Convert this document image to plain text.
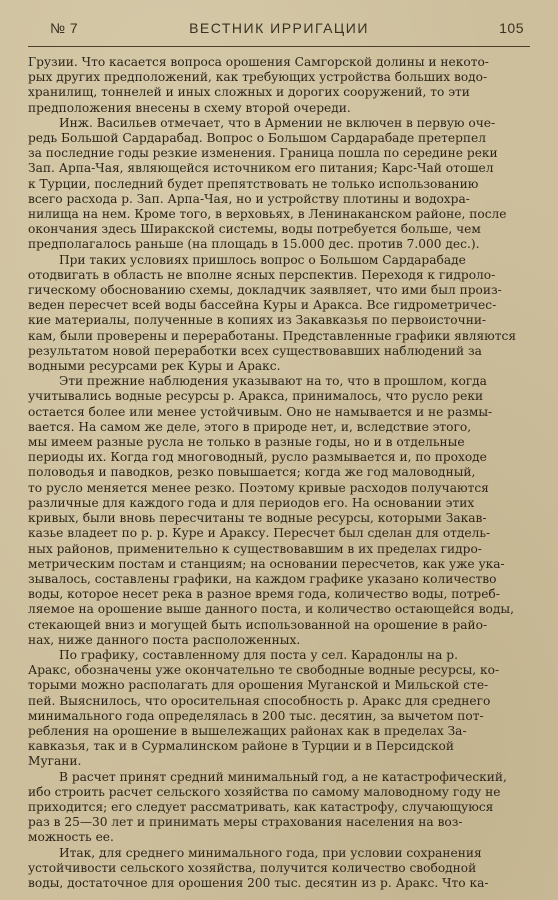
№ 7	ВЕСТНИК ИРРИГАЦИИ	105
Грузии. Что касается вопроса орошения Самгорской долины и некото-
рых других предположений, как требующих устройства больших водо-
хранилищ, тоннелей и иных сложных и дорогих сооружений, то эти
предположения внесены в схему второй очереди.
Инж. Васильев отмечает, что в Армении не включен в первую оче-
редь Большой Сардарабад. Вопрос о Большом Сардарабаде претерпел
за последние годы резкие изменения. Граница пошла по середине реки
Зап. Арпа-Чая, являющейся источником его питания; Карс-Чай отошел
к Турции, последний будет препятствовать не только использованию
всего расхода р. Зап. Арпа-Чая, но и устройству плотины и водохра-
нилища на нем. Кроме того, в верховьях, в Ленинаканском районе, после
окончания здесь Ширакской системы, воды потребуется больше, чем
предполагалось раньше (на площадь в 15.000 дес. против 7.000 дес.).
При таких условиях пришлось вопрос о Большом Сардарабаде
отодвигать в область не вполне ясных перспектив. Переходя к гидроло-
гическому обоснованию схемы, докладчик заявляет, что ими был произ-
веден пересчет всей воды бассейна Куры и Аракса. Все гидрометричес-
кие материалы, полученные в копиях из Закавказья по первоисточни-
кам, были проверены и переработаны. Представленные графики являются
результатом новой переработки всех существовавших наблюдений за
водными ресурсами рек Куры и Аракс.
Эти прежние наблюдения указывают на то, что в прошлом, когда
учитывались водные ресурсы р. Аракса, принималось, что русло реки
остается более или менее устойчивым. Оно не намывается и не размы-
вается. На самом же деле, этого в природе нет, и, вследствие этого,
мы имеем разные русла не только в разные годы, но и в отдельные
периоды их. Когда год многоводный, русло размывается и, по проходе
половодья и паводков, резко повышается; когда же год маловодный,
то русло меняется менее резко. Поэтому кривые расходов получаются
различные для каждого года и для периодов его. На основании этих
кривых, были вновь пересчитаны те водные ресурсы, которыми Закав-
казье владеет по р. р. Куре и Араксу. Пересчет был сделан для отдель-
ных районов, применительно к существовавшим в их пределах гидро-
метрическим постам и станциям; на основании пересчетов, как уже ука-
зывалось, составлены графики, на каждом графике указано количество
воды, которое несет река в разное время года, количество воды, потреб-
ляемое на орошение выше данного поста, и количество остающейся воды,
стекающей вниз и могущей быть использованной на орошение в райо-
нах, ниже данного поста расположенных.
По графику, составленному для поста у сел. Карадонлы на р.
Аракс, обозначены уже окончательно те свободные водные ресурсы, ко-
торыми можно располагать для орошения Муганской и Мильской сте-
пей. Выяснилось, что оросительная способность р. Аракс для среднего
минимального года определялась в 200 тыс. десятин, за вычетом пот-
ребления на орошение в вышележащих районах как в пределах За-
кавказья, так и в Сурмалинском районе в Турции и в Персидской
Мугани.
В расчет принят средний минимальный год, а не катастрофический,
ибо строить расчет сельского хозяйства по самому маловодному году не
приходится; его следует рассматривать, как катастрофу, случающуюся
раз в 25—30 лет и принимать меры страхования населения на воз-
можность ее.
Итак, для среднего минимального года, при условии сохранения
устойчивости сельского хозяйства, получится количество свободной
воды, достаточное для орошения 200 тыс. десятин из р. Аракс. Что ка-
